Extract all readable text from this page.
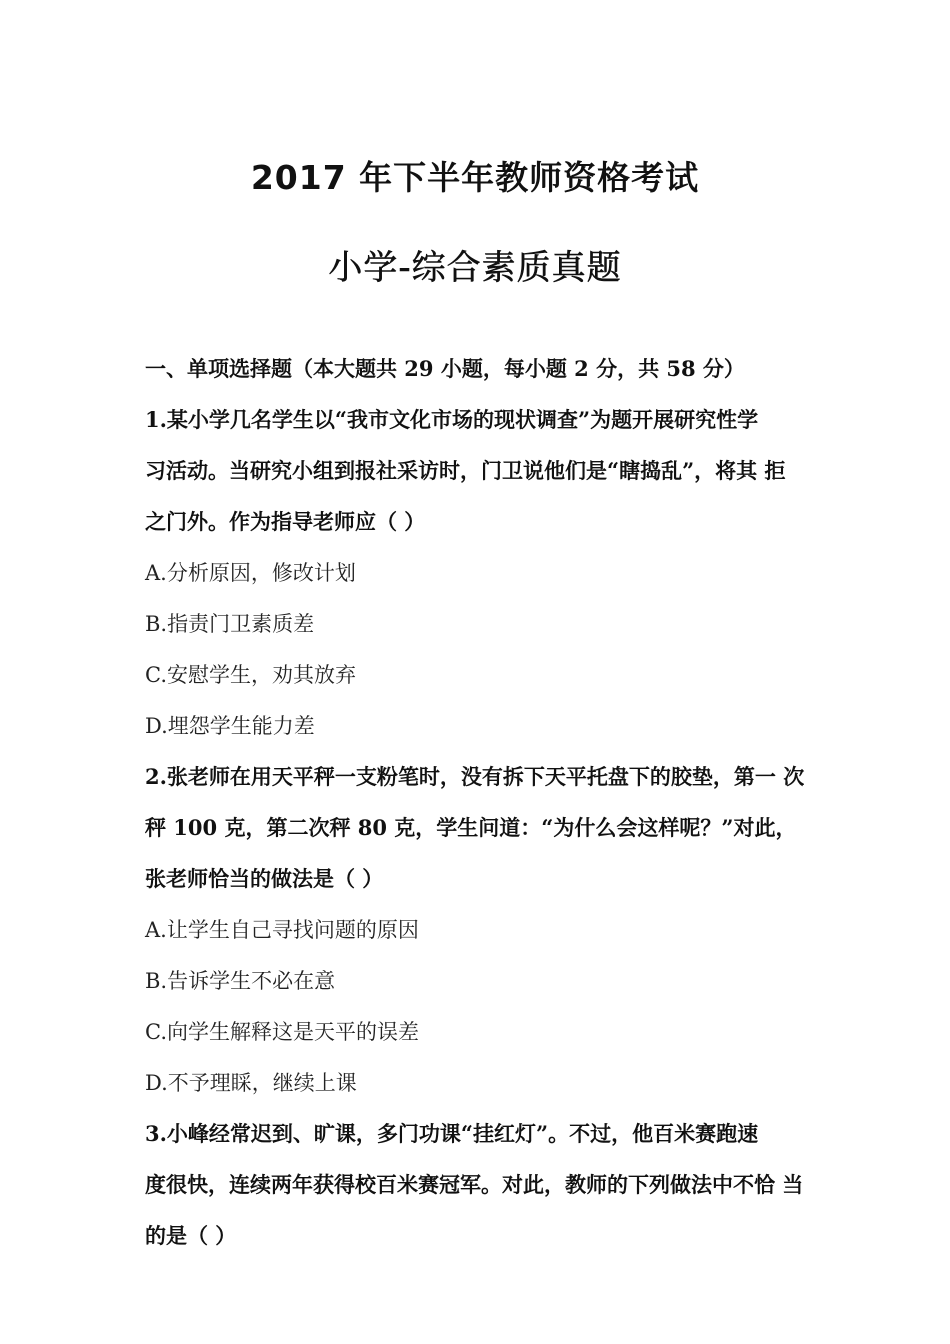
2017 年下半年教师资格考试
小学-综合素质真题

一、单项选择题（本大题共 29 小题，每小题 2 分，共 58 分）

1.某小学几名学生以“我市文化市场的现状调查”为题开展研究性学

习活动。当研究小组到报社采访时，门卫说他们是“瞎捣乱”，将其 拒

之门外。作为指导老师应（ ）

A.分析原因，修改计划

B.指责门卫素质差

C.安慰学生，劝其放弃

D.埋怨学生能力差

2.张老师在用天平秤一支粉笔时，没有拆下天平托盘下的胶垫，第一 次

秤 100 克，第二次秤 80 克，学生问道：“为什么会这样呢？”对此，

张老师恰当的做法是（ ）

A.让学生自己寻找问题的原因

B.告诉学生不必在意

C.向学生解释这是天平的误差

D.不予理睬，继续上课

3.小峰经常迟到、旷课，多门功课“挂红灯”。不过，他百米赛跑速

度很快，连续两年获得校百米赛冠军。对此，教师的下列做法中不恰 当

的是（ ）
